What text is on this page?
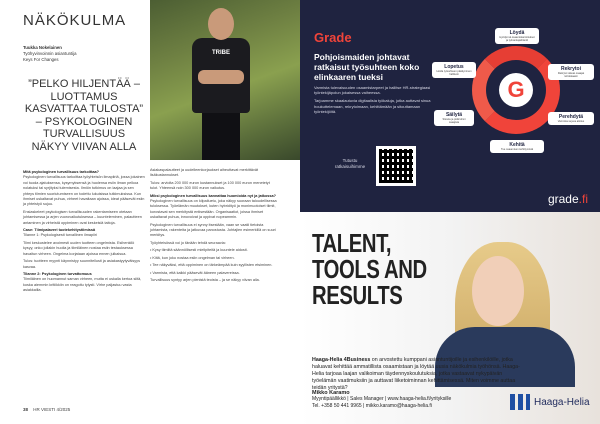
NÄKÖKULMA
Tuukka Nokelainen
Työhyvinvoinnin asiantuntija
Keys For Changes
”PELKO HILJENTÄÄ – LUOTTAMUS KASVATTAA TULOSTA” – PSYKOLOGINEN TURVALLISUUS NÄKYY VIIVAN ALLA
TRIBE
Mitä psykologinen turvallisuus tarkoittaa?
Psykologinen turvallisuus tarkoittaa työyhteisön ilmapiiriä, jossa jokainen voi tuoda ajatuksensa, kysymyksensä ja huolensa esiin ilman pelkoa nolatuksi tai syrjityksi tulemisesta. Ilmiön tutkimus on laajaa ja sen yhteys tiimien suoriutumiseen on todettu lukuisissa tutkimuksissa. Kun ihmiset uskaltavat puhua, virheet havaitaan ajoissa, ideat pääsevät esiin ja yhteistyö sujuu.
Ensiaskeleet psykologisen turvallisuuden rakentamiseen otetaan johtamisessa ja arjen vuorovaikutuksessa – kuunteleminen, palautteen antaminen ja virheistä oppiminen ovat keskeisiä taitoja.
Case: Tiimipalaveri tuotekehitystiimissä
Tilanne 1: Psykologisesti turvallinen ilmapiiri
Tiimi keskustelee avoimesti uuden tuotteen ongelmista. Esihenkilö kysyy, onko jollakin huolia ja tiimiläinen nostaa esiin testauksessa havaitun virheen. Ongelma korjataan ajoissa ennen julkaisua.
Tulos: tuotteen myynti käynnistyy suunnitellusti ja asiakastyytyväisyys kasvaa.
Tilanne 2: Psykologinen turvattomuus
Tiimiläinen on huomannut saman virheen, mutta ei uskalla kertoa siitä, koska aiemmin kritiikkiin on reagoitu tylysti. Virhe paljastuu vasta asiakkailla.
Asiakaspalautteet ja uudelleenkorjaukset aiheuttavat merkittävät lisäkustannukset.
Tulos: arviolta 200 000 euron kustannukset ja 100 000 euron menetetyt tulot. Yhteensä noin 300 000 euron vaikutus.
Miksi psykologinen turvallisuus kannattaa huomioida nyt ja jatkossa?
Psykologinen turvallisuus on kilpailuetu, joka näkyy suoraan taloudellisessa tuloksessa. Työelämän muutokset, kuten hybridityö ja monimuotoiset tiimit, korostavat sen merkitystä entisestään. Organisaatiot, joissa ihmiset uskaltavat puhua, innovoivat ja oppivat nopeammin.
Psykologinen turvallisuus ei synny itsestään, vaan se vaatii tietoista johtamista, rakenteita ja jatkuvaa panostusta. Johtajien esimerkillä on suuri merkitys.
Työyhteisössä voi jo tänään tehdä seuraavia:
• Kysy tiimiltä säännöllisesti mielipiteitä ja kuuntele aidosti.
• Kiitä, kun joku nostaa esiin ongelman tai virheen.
• Tee näkyväksi, että oppiminen on tärkeämpää kuin syyllisten etsiminen.
• Varmista, että kaikki pääsevät ääneen palavereissa.
Turvallisuus syntyy arjen pienistä teoista – ja se näkyy viivan alla.
38 HR VIESTI 4/2025
Grade
Pohjoismaiden johtavat ratkaisut työsuhteen koko elinkaaren tueksi
Varmista tulevaisuuden osaamistarpeet ja hallitse HR-strategiaasi työntekijäpolun jokaisessa vaiheessa.
Tarjoamme skaalautuvia digitaalisia työkaluja, jotka auttavat sinua houkuttelemaan, rekrytoimaan, kehittämään ja sitouttamaan työntekijöitä.
Tutustu ratkaisuihimme
grade.fi
G
Löydä
Hyödynnä osaamiskartoitukset ja työnantajabrändi
Rekrytoi
Rekrytoi oikeat osaajat tehokkaasti
Perehdytä
Varmista sujuva aloitus
Kehitä
Tue osaamisen kehittymistä
Säilytä
Sitouta ja pidä kiinni osaajista
Lopetus
Hoida työsuhteen päättyminen hallitusti
TALENT,
TOOLS AND
RESULTS
Haaga-Helia 4Business on arvostettu kumppani asiantuntijoille ja esihenkilöille, jotka haluavat kehittää ammatillista osaamistaan ja löytää uusia näkökulmia työhönsä. Haaga-Helia tarjoaa laajan valikoiman täydennyskoulutuksia, jotka vastaavat nykypäivän työelämän vaatimuksiin ja auttavat liiketoiminnan kehittämisessä. Miten voimme auttaa teidän yritystä?
Mikko Karamo
Myyntipäällikkö | Sales Manager | www.haaga-helia.fi/yrityksille
Tel. +358 50 441 9965 | mikko.karamo@haaga-helia.fi	Haaga-Helia
